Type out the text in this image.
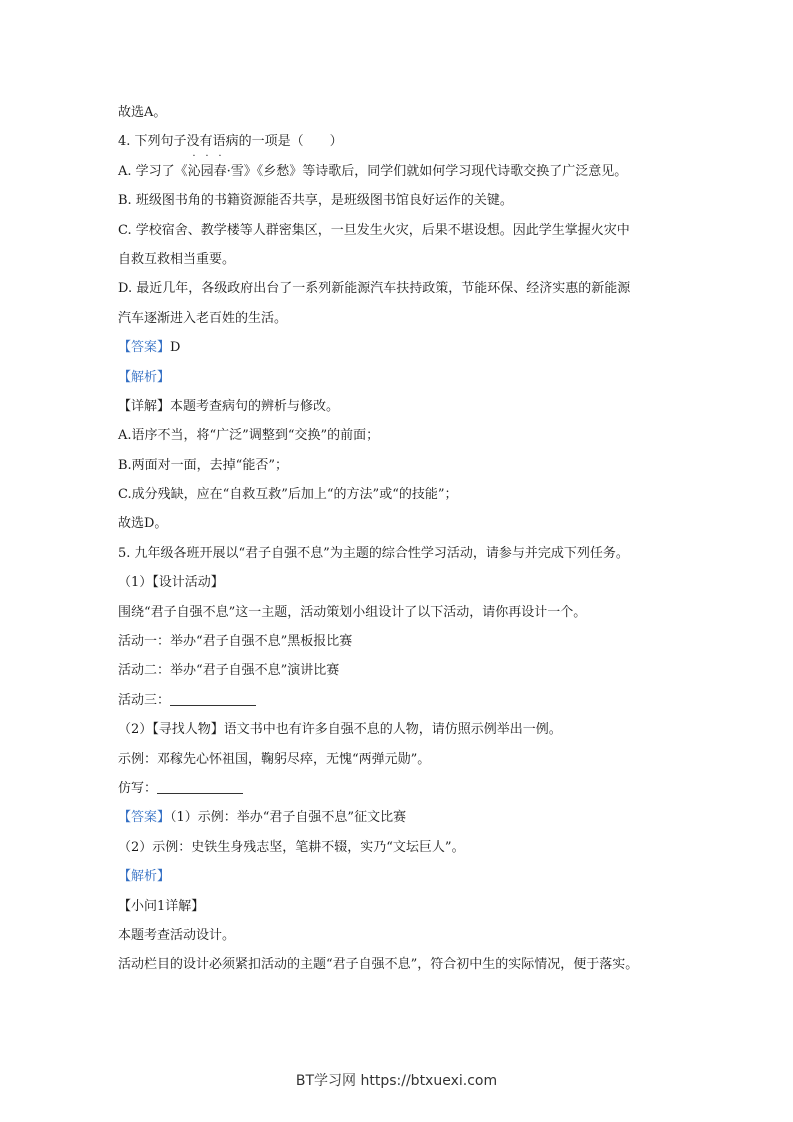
故选A。

4. 下列句子没有语病的一项是（　　）

A. 学习了《沁园春·雪》《乡愁》等诗歌后，同学们就如何学习现代诗歌交换了广泛意见。

B. 班级图书角的书籍资源能否共享，是班级图书馆良好运作的关键。

C. 学校宿舍、教学楼等人群密集区，一旦发生火灾，后果不堪设想。因此学生掌握火灾中

自救互救相当重要。

D. 最近几年，各级政府出台了一系列新能源汽车扶持政策，节能环保、经济实惠的新能源

汽车逐渐进入老百姓的生活。

【答案】D

【解析】

【详解】本题考查病句的辨析与修改。

A.语序不当，将“广泛”调整到“交换”的前面；

B.两面对一面，去掉“能否”；

C.成分残缺，应在“自救互救”后加上“的方法”或“的技能”；

故选D。

5. 九年级各班开展以“君子自强不息”为主题的综合性学习活动，请参与并完成下列任务。

（1）【设计活动】

围绕“君子自强不息”这一主题，活动策划小组设计了以下活动，请你再设计一个。

活动一：举办“君子自强不息”黑板报比赛

活动二：举办“君子自强不息”演讲比赛

活动三：

（2）【寻找人物】语文书中也有许多自强不息的人物，请仿照示例举出一例。

示例：邓稼先心怀祖国，鞠躬尽瘁，无愧“两弹元勋”。

仿写：

【答案】（1）示例：举办“君子自强不息”征文比赛

（2）示例：史铁生身残志坚，笔耕不辍，实乃“文坛巨人”。

【解析】

【小问1详解】

本题考查活动设计。

活动栏目的设计必须紧扣活动的主题“君子自强不息”，符合初中生的实际情况，便于落实。

BT学习网 https://btxuexi.com
